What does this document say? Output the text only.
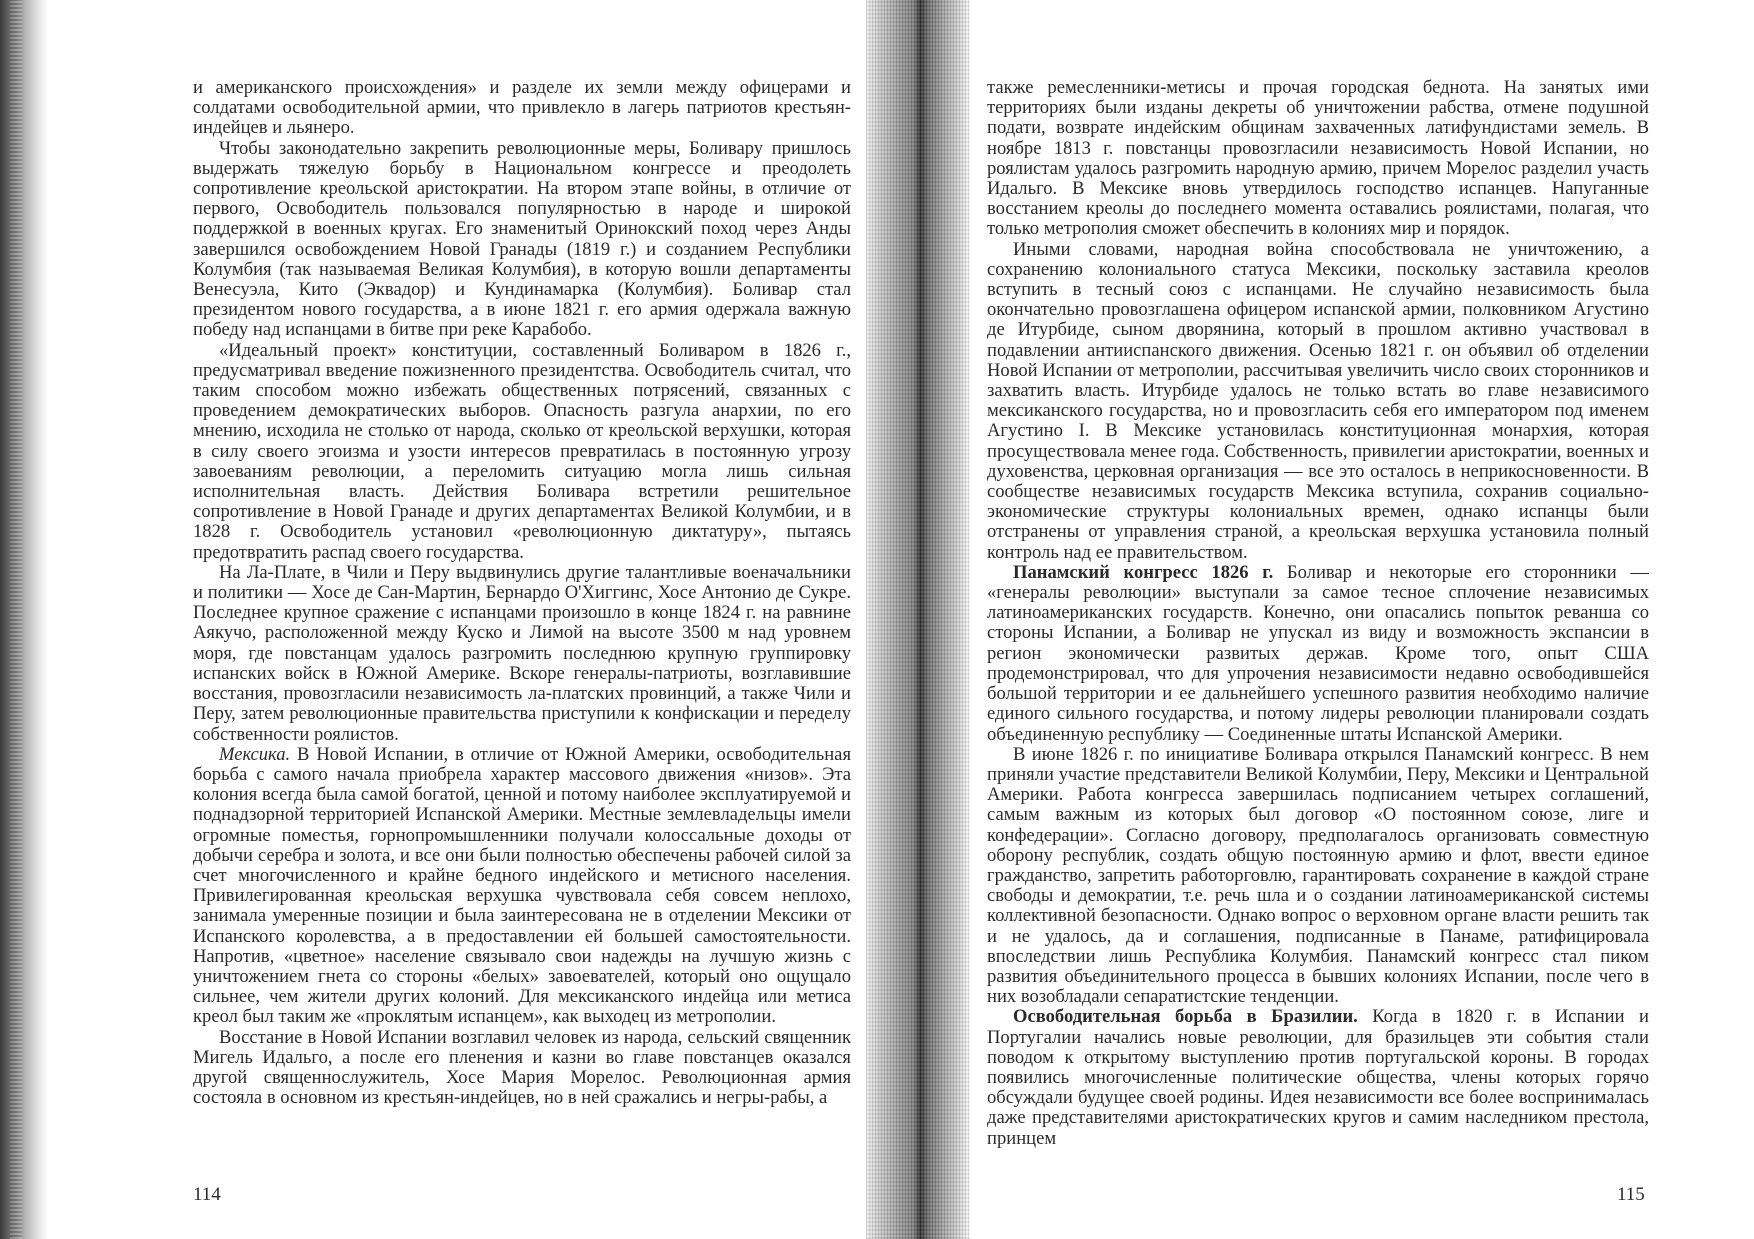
и американского происхождения» и разделе их земли между офицерами и солдатами освободительной армии, что привлекло в лагерь патриотов крестьян-индейцев и льянеро.

Чтобы законодательно закрепить революционные меры, Боливару пришлось выдержать тяжелую борьбу в Национальном конгрессе и преодолеть сопротивление креольской аристократии. На втором этапе войны, в отличие от первого, Освободитель пользовался популярностью в народе и широкой поддержкой в военных кругах. Его знаменитый Оринокский поход через Анды завершился освобождением Новой Гранады (1819 г.) и созданием Республики Колумбия (так называемая Великая Колумбия), в которую вошли департаменты Венесуэла, Кито (Эквадор) и Кундинамарка (Колумбия). Боливар стал президентом нового государства, а в июне 1821 г. его армия одержала важную победу над испанцами в битве при реке Карабобо.

«Идеальный проект» конституции, составленный Боливаром в 1826 г., предусматривал введение пожизненного президентства. Освободитель считал, что таким способом можно избежать общественных потрясений, связанных с проведением демократических выборов. Опасность разгула анархии, по его мнению, исходила не столько от народа, сколько от креольской верхушки, которая в силу своего эгоизма и узости интересов превратилась в постоянную угрозу завоеваниям революции, а переломить ситуацию могла лишь сильная исполнительная власть. Действия Боливара встретили решительное сопротивление в Новой Гранаде и других департаментах Великой Колумбии, и в 1828 г. Освободитель установил «революционную диктатуру», пытаясь предотвратить распад своего государства.

На Ла-Плате, в Чили и Перу выдвинулись другие талантливые военачальники и политики — Хосе де Сан-Мартин, Бернардо О'Хиггинс, Хосе Антонио де Сукре. Последнее крупное сражение с испанцами произошло в конце 1824 г. на равнине Аякучо, расположенной между Куско и Лимой на высоте 3500 м над уровнем моря, где повстанцам удалось разгромить последнюю крупную группировку испанских войск в Южной Америке. Вскоре генералы-патриоты, возглавившие восстания, провозгласили независимость ла-платских провинций, а также Чили и Перу, затем революционные правительства приступили к конфискации и переделу собственности роялистов.

Мексика. В Новой Испании, в отличие от Южной Америки, освободительная борьба с самого начала приобрела характер массового движения «низов». Эта колония всегда была самой богатой, ценной и потому наиболее эксплуатируемой и поднадзорной территорией Испанской Америки. Местные землевладельцы имели огромные поместья, горнопромышленники получали колоссальные доходы от добычи серебра и золота, и все они были полностью обеспечены рабочей силой за счет многочисленного и крайне бедного индейского и метисного населения. Привилегированная креольская верхушка чувствовала себя совсем неплохо, занимала умеренные позиции и была заинтересована не в отделении Мексики от Испанского королевства, а в предоставлении ей большей самостоятельности. Напротив, «цветное» население связывало свои надежды на лучшую жизнь с уничтожением гнета со стороны «белых» завоевателей, который оно ощущало сильнее, чем жители других колоний. Для мексиканского индейца или метиса креол был таким же «проклятым испанцем», как выходец из метрополии.

Восстание в Новой Испании возглавил человек из народа, сельский священник Мигель Идальго, а после его пленения и казни во главе повстанцев оказался другой священнослужитель, Хосе Мария Морелос. Революционная армия состояла в основном из крестьян-индейцев, но в ней сражались и негры-рабы, а

114

также ремесленники-метисы и прочая городская беднота. На занятых ими территориях были изданы декреты об уничтожении рабства, отмене подушной подати, возврате индейским общинам захваченных латифундистами земель. В ноябре 1813 г. повстанцы провозгласили независимость Новой Испании, но роялистам удалось разгромить народную армию, причем Морелос разделил участь Идальго. В Мексике вновь утвердилось господство испанцев. Напуганные восстанием креолы до последнего момента оставались роялистами, полагая, что только метрополия сможет обеспечить в колониях мир и порядок.

Иными словами, народная война способствовала не уничтожению, а сохранению колониального статуса Мексики, поскольку заставила креолов вступить в тесный союз с испанцами. Не случайно независимость была окончательно провозглашена офицером испанской армии, полковником Агустино де Итурбиде, сыном дворянина, который в прошлом активно участвовал в подавлении антииспанского движения. Осенью 1821 г. он объявил об отделении Новой Испании от метрополии, рассчитывая увеличить число своих сторонников и захватить власть. Итурбиде удалось не только встать во главе независимого мексиканского государства, но и провозгласить себя его императором под именем Агустино I. В Мексике установилась конституционная монархия, которая просуществовала менее года. Собственность, привилегии аристократии, военных и духовенства, церковная организация — все это осталось в неприкосновенности. В сообществе независимых государств Мексика вступила, сохранив социально-экономические структуры колониальных времен, однако испанцы были отстранены от управления страной, а креольская верхушка установила полный контроль над ее правительством.

Панамский конгресс 1826 г. Боливар и некоторые его сторонники — «генералы революции» выступали за самое тесное сплочение независимых латиноамериканских государств. Конечно, они опасались попыток реванша со стороны Испании, а Боливар не упускал из виду и возможность экспансии в регион экономически развитых держав. Кроме того, опыт США продемонстрировал, что для упрочения независимости недавно освободившейся большой территории и ее дальнейшего успешного развития необходимо наличие единого сильного государства, и потому лидеры революции планировали создать объединенную республику — Соединенные штаты Испанской Америки.

В июне 1826 г. по инициативе Боливара открылся Панамский конгресс. В нем приняли участие представители Великой Колумбии, Перу, Мексики и Центральной Америки. Работа конгресса завершилась подписанием четырех соглашений, самым важным из которых был договор «О постоянном союзе, лиге и конфедерации». Согласно договору, предполагалось организовать совместную оборону республик, создать общую постоянную армию и флот, ввести единое гражданство, запретить работорговлю, гарантировать сохранение в каждой стране свободы и демократии, т.е. речь шла и о создании латиноамериканской системы коллективной безопасности. Однако вопрос о верховном органе власти решить так и не удалось, да и соглашения, подписанные в Панаме, ратифицировала впоследствии лишь Республика Колумбия. Панамский конгресс стал пиком развития объединительного процесса в бывших колониях Испании, после чего в них возобладали сепаратистские тенденции.

Освободительная борьба в Бразилии. Когда в 1820 г. в Испании и Португалии начались новые революции, для бразильцев эти события стали поводом к открытому выступлению против португальской короны. В городах появились многочисленные политические общества, члены которых горячо обсуждали будущее своей родины. Идея независимости все более воспринималась даже представителями аристократических кругов и самим наследником престола, принцем

115
